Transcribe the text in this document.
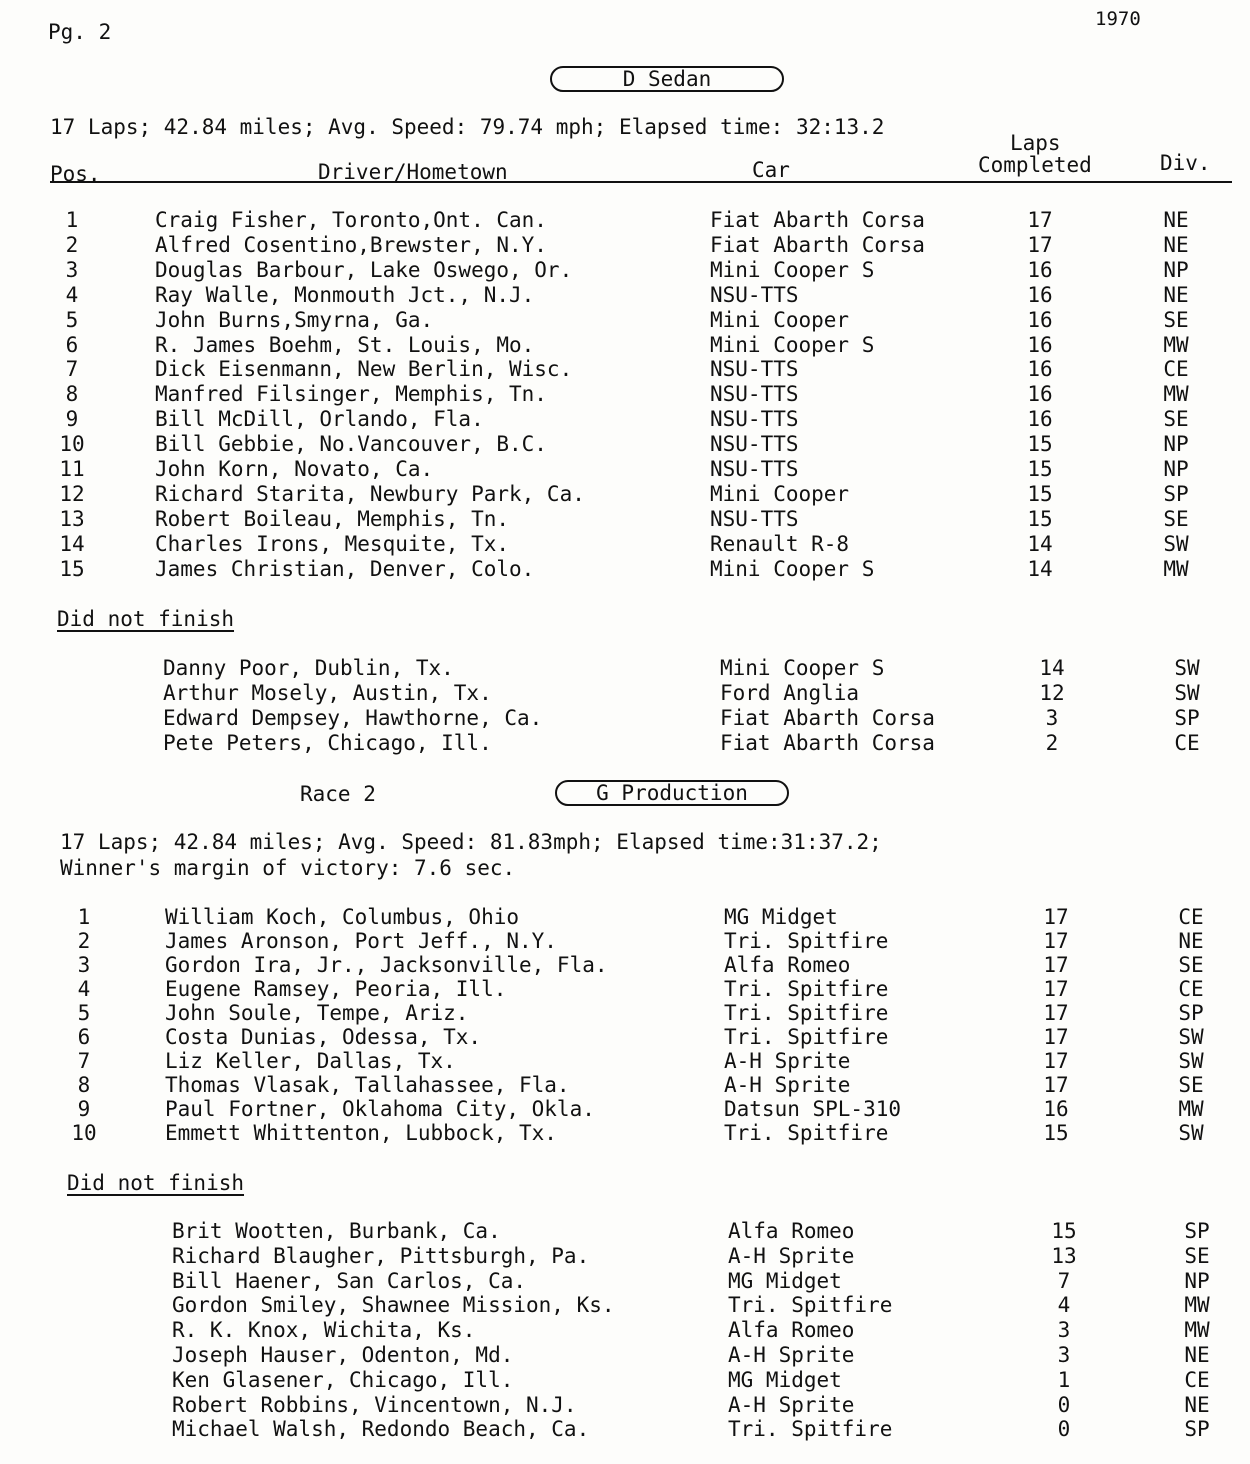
Pg. 2
1970
D Sedan
17 Laps; 42.84 miles; Avg. Speed: 79.74 mph; Elapsed time: 32:13.2
Pos.	Driver/Hometown	Car
Laps
Completed	Div.
1	Craig Fisher, Toronto,Ont. Can.	Fiat Abarth Corsa	17	NE
2	Alfred Cosentino,Brewster, N.Y.	Fiat Abarth Corsa	17	NE
3	Douglas Barbour, Lake Oswego, Or.	Mini Cooper S	16	NP
4	Ray Walle, Monmouth Jct., N.J.	NSU-TTS	16	NE
5	John Burns,Smyrna, Ga.	Mini Cooper	16	SE
6	R. James Boehm, St. Louis, Mo.	Mini Cooper S	16	MW
7	Dick Eisenmann, New Berlin, Wisc.	NSU-TTS	16	CE
8	Manfred Filsinger, Memphis, Tn.	NSU-TTS	16	MW
9	Bill McDill, Orlando, Fla.	NSU-TTS	16	SE
10	Bill Gebbie, No.Vancouver, B.C.	NSU-TTS	15	NP
11	John Korn, Novato, Ca.	NSU-TTS	15	NP
12	Richard Starita, Newbury Park, Ca.	Mini Cooper	15	SP
13	Robert Boileau, Memphis, Tn.	NSU-TTS	15	SE
14	Charles Irons, Mesquite, Tx.	Renault R-8	14	SW
15	James Christian, Denver, Colo.	Mini Cooper S	14	MW
Did not finish
Danny Poor, Dublin, Tx.	Mini Cooper S	14	SW
Arthur Mosely, Austin, Tx.	Ford Anglia	12	SW
Edward Dempsey, Hawthorne, Ca.	Fiat Abarth Corsa	3	SP
Pete Peters, Chicago, Ill.	Fiat Abarth Corsa	2	CE
Race 2	G Production
17 Laps; 42.84 miles; Avg. Speed: 81.83mph; Elapsed time:31:37.2;
Winner's margin of victory: 7.6 sec.
1	William Koch, Columbus, Ohio	MG Midget	17	CE
2	James Aronson, Port Jeff., N.Y.	Tri. Spitfire	17	NE
3	Gordon Ira, Jr., Jacksonville, Fla.	Alfa Romeo	17	SE
4	Eugene Ramsey, Peoria, Ill.	Tri. Spitfire	17	CE
5	John Soule, Tempe, Ariz.	Tri. Spitfire	17	SP
6	Costa Dunias, Odessa, Tx.	Tri. Spitfire	17	SW
7	Liz Keller, Dallas, Tx.	A-H Sprite	17	SW
8	Thomas Vlasak, Tallahassee, Fla.	A-H Sprite	17	SE
9	Paul Fortner, Oklahoma City, Okla.	Datsun SPL-310	16	MW
10	Emmett Whittenton, Lubbock, Tx.	Tri. Spitfire	15	SW
Did not finish
Brit Wootten, Burbank, Ca.	Alfa Romeo	15	SP
Richard Blaugher, Pittsburgh, Pa.	A-H Sprite	13	SE
Bill Haener, San Carlos, Ca.	MG Midget	7	NP
Gordon Smiley, Shawnee Mission, Ks.	Tri. Spitfire	4	MW
R. K. Knox, Wichita, Ks.	Alfa Romeo	3	MW
Joseph Hauser, Odenton, Md.	A-H Sprite	3	NE
Ken Glasener, Chicago, Ill.	MG Midget	1	CE
Robert Robbins, Vincentown, N.J.	A-H Sprite	0	NE
Michael Walsh, Redondo Beach, Ca.	Tri. Spitfire	0	SP
